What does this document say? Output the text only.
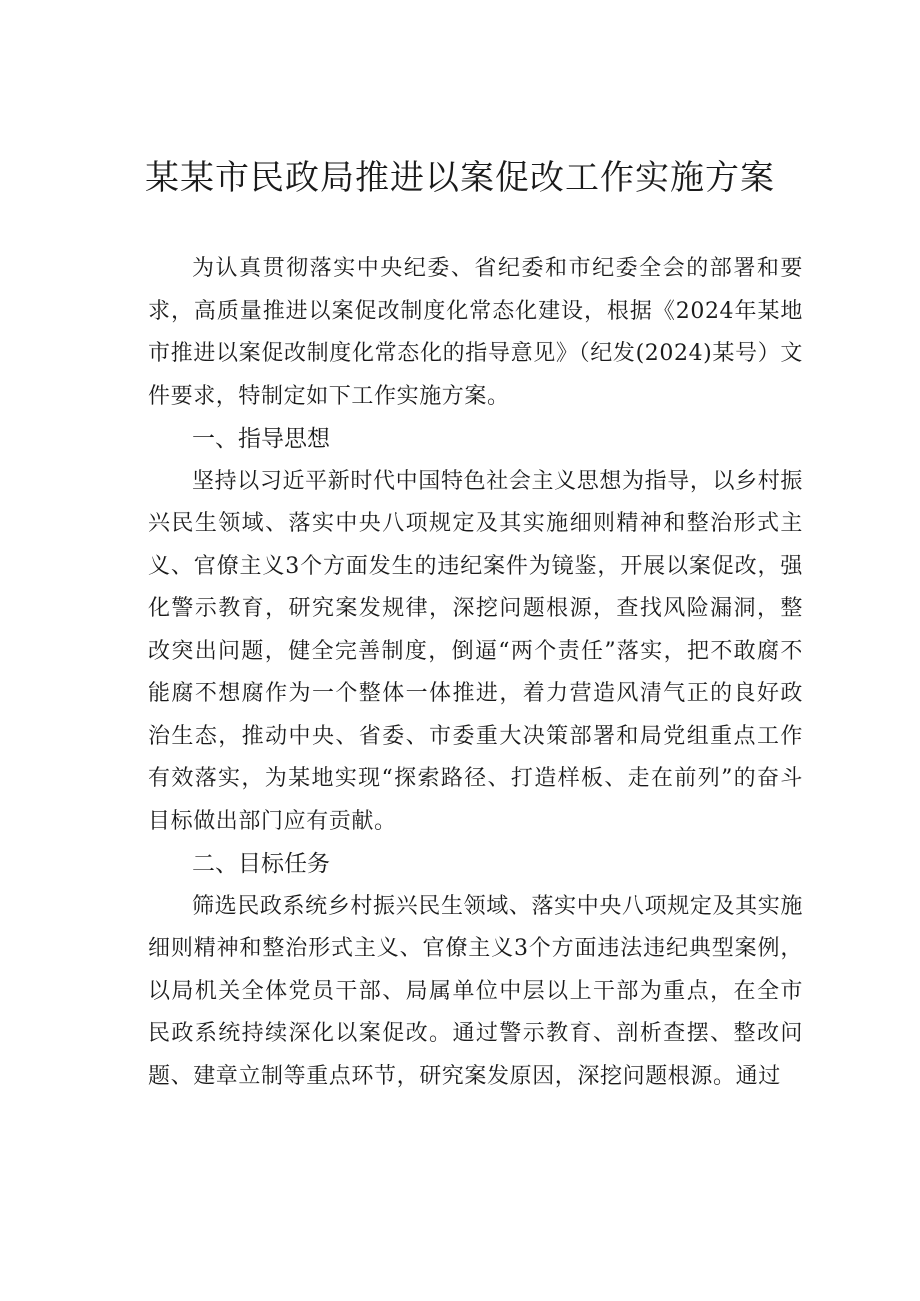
某某市民政局推进以案促改工作实施方案

为认真贯彻落实中央纪委、省纪委和市纪委全会的部署和要求，高质量推进以案促改制度化常态化建设，根据《2024年某地市推进以案促改制度化常态化的指导意见》（纪发(2024)某号）文件要求，特制定如下工作实施方案。

一、指导思想

坚持以习近平新时代中国特色社会主义思想为指导，以乡村振兴民生领域、落实中央八项规定及其实施细则精神和整治形式主义、官僚主义3个方面发生的违纪案件为镜鉴，开展以案促改，强化警示教育，研究案发规律，深挖问题根源，查找风险漏洞，整改突出问题，健全完善制度，倒逼“两个责任”落实，把不敢腐不能腐不想腐作为一个整体一体推进，着力营造风清气正的良好政治生态，推动中央、省委、市委重大决策部署和局党组重点工作有效落实，为某地实现“探索路径、打造样板、走在前列”的奋斗目标做出部门应有贡献。

二、目标任务

筛选民政系统乡村振兴民生领域、落实中央八项规定及其实施细则精神和整治形式主义、官僚主义3个方面违法违纪典型案例，以局机关全体党员干部、局属单位中层以上干部为重点，在全市民政系统持续深化以案促改。通过警示教育、剖析查摆、整改问题、建章立制等重点环节，研究案发原因，深挖问题根源。通过
